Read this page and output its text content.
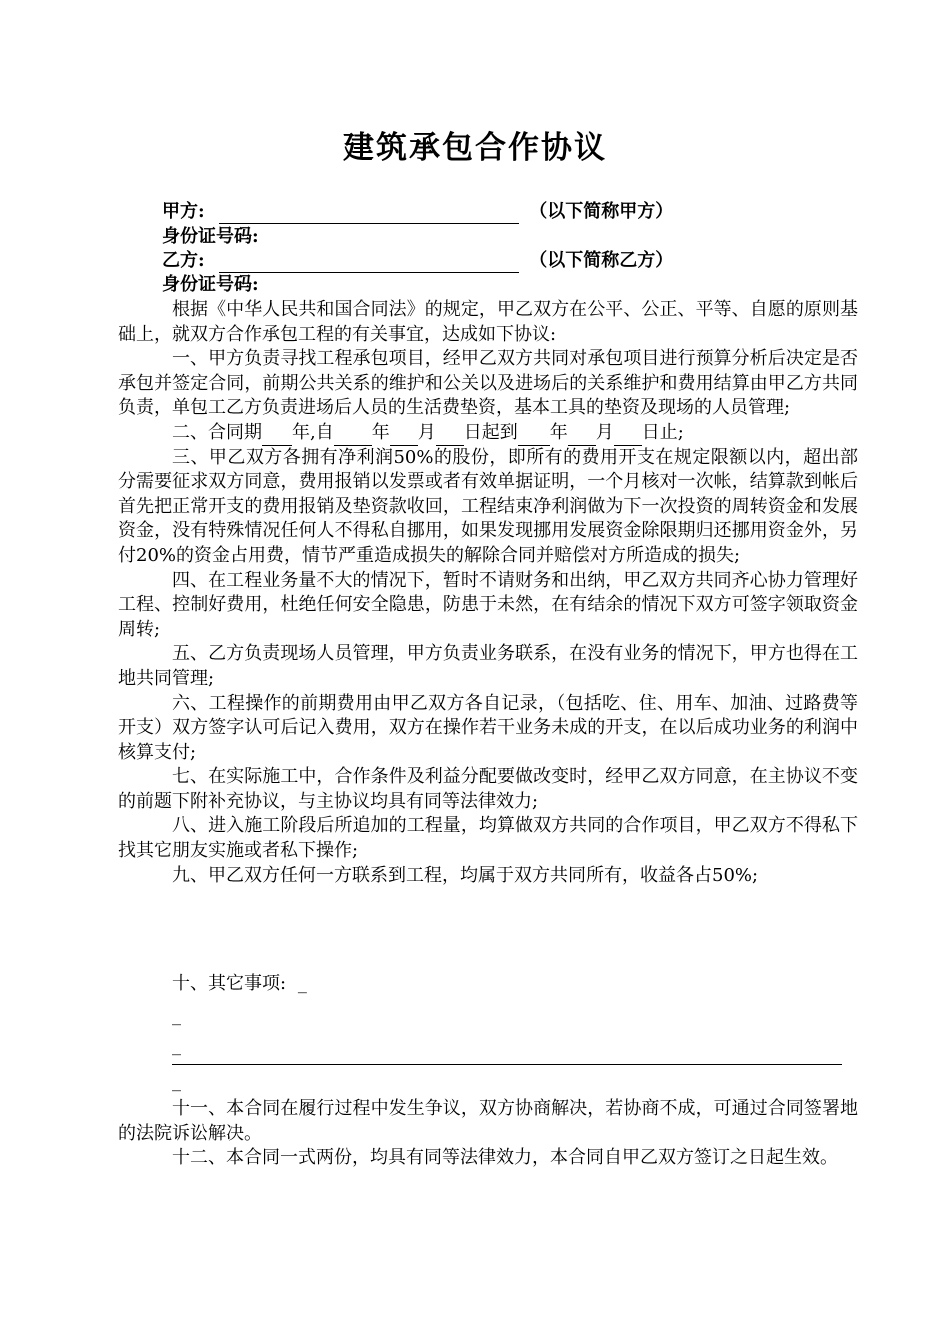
建筑承包合作协议
甲方:	（以下简称甲方）
身份证号码:
乙方:	（以下简称乙方）
身份证号码:

根据《中华人民共和国合同法》的规定，甲乙双方在公平、公正、平等、自愿的原则基础上，就双方合作承包工程的有关事宜，达成如下协议:

一、甲方负责寻找工程承包项目，经甲乙双方共同对承包项目进行预算分析后决定是否承包并签定合同，前期公共关系的维护和公关以及进场后的关系维护和费用结算由甲乙方共同负责，单包工乙方负责进场后人员的生活费垫资，基本工具的垫资及现场的人员管理;

二、合同期 年,自 年 月 日起到 年 月 日止;

三、甲乙双方各拥有净利润50%的股份，即所有的费用开支在规定限额以内，超出部分需要征求双方同意，费用报销以发票或者有效单据证明，一个月核对一次帐，结算款到帐后首先把正常开支的费用报销及垫资款收回，工程结束净利润做为下一次投资的周转资金和发展资金，没有特殊情况任何人不得私自挪用，如果发现挪用发展资金除限期归还挪用资金外，另付20%的资金占用费，情节严重造成损失的解除合同并赔偿对方所造成的损失;

四、在工程业务量不大的情况下，暂时不请财务和出纳，甲乙双方共同齐心协力管理好工程、控制好费用，杜绝任何安全隐患，防患于未然，在有结余的情况下双方可签字领取资金周转;

五、乙方负责现场人员管理，甲方负责业务联系，在没有业务的情况下，甲方也得在工地共同管理;

六、工程操作的前期费用由甲乙双方各自记录，（包括吃、住、用车、加油、过路费等开支）双方签字认可后记入费用，双方在操作若干业务未成的开支，在以后成功业务的利润中核算支付;

七、在实际施工中，合作条件及利益分配要做改变时，经甲乙双方同意，在主协议不变的前题下附补充协议，与主协议均具有同等法律效力;

八、进入施工阶段后所追加的工程量，均算做双方共同的合作项目，甲乙双方不得私下找其它朋友实施或者私下操作;

九、甲乙双方任何一方联系到工程，均属于双方共同所有，收益各占50%;

十、其它事项: _
_
_
_

十一、本合同在履行过程中发生争议，双方协商解决，若协商不成，可通过合同签署地的法院诉讼解决。

十二、本合同一式两份，均具有同等法律效力，本合同自甲乙双方签订之日起生效。
